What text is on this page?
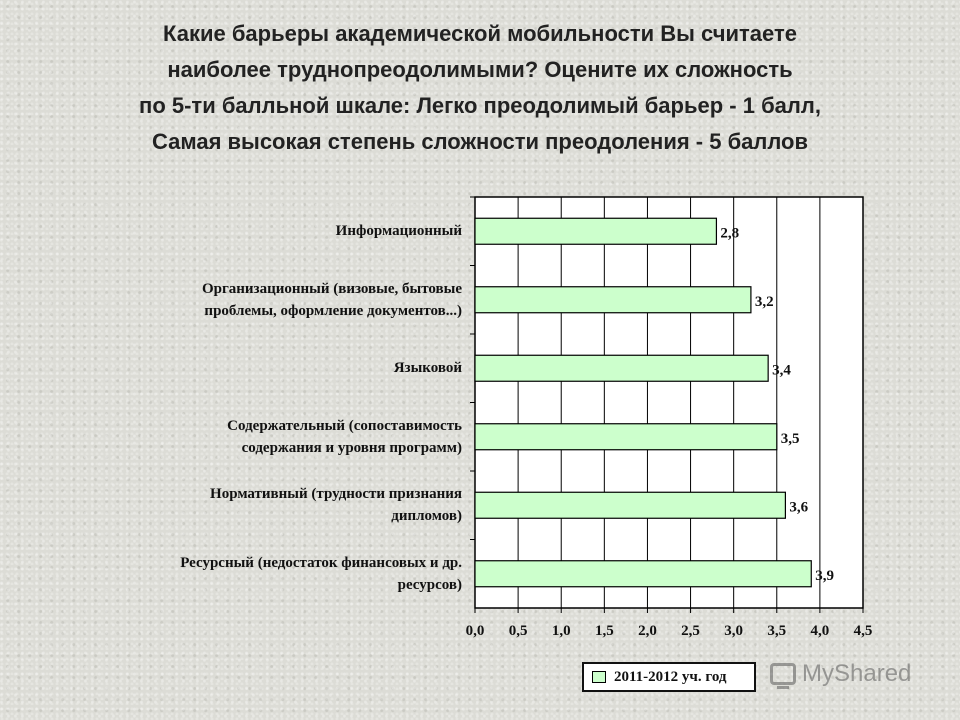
Какие барьеры академической мобильности Вы считаете
наиболее труднопреодолимыми? Оцените их сложность
по 5-ти балльной шкале: Легко преодолимый барьер - 1 балл,
Самая высокая степень сложности преодоления - 5 баллов
0,0 0,5 1,0 1,5 2,0 2,5 3,0 3,5 4,0 4,5
2,8
3,2
3,4
3,5
3,6
3,9
Информационный
Организационный (визовые, бытовые
проблемы, оформление документов...)
Языковой
Содержательный (сопоставимость
содержания и уровня программ)
Нормативный (трудности признания
дипломов)
Ресурсный (недостаток финансовых и др.
ресурсов)
2011-2012 уч. год	MyShared
